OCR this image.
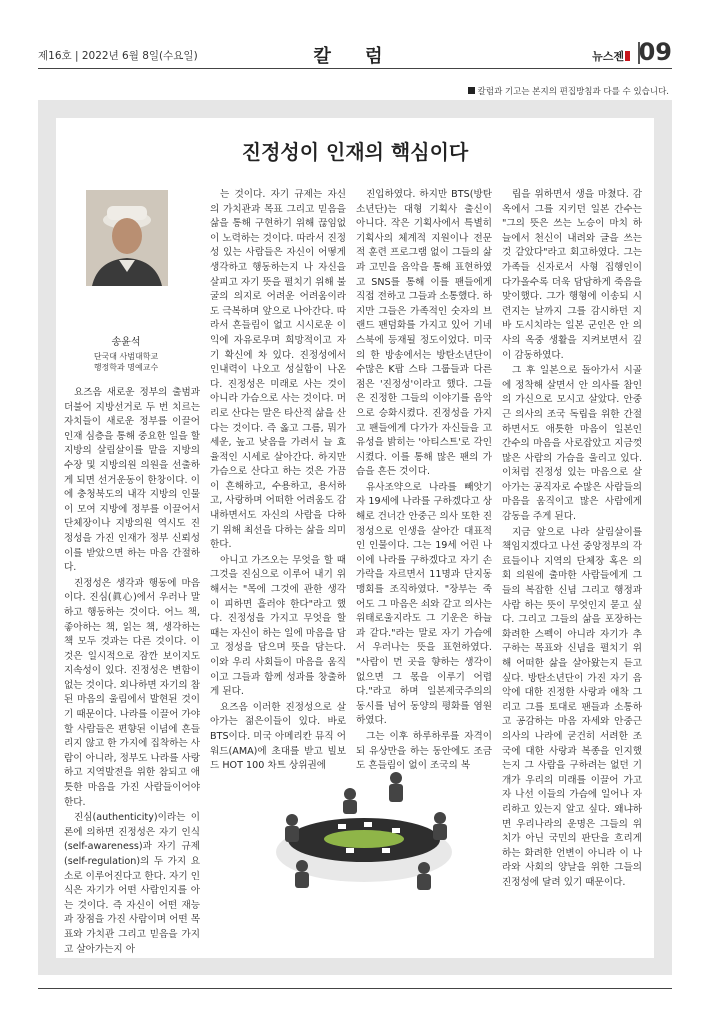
제16호 | 2022년 6월 8일(수요일)	칼 럼	뉴스젠 09
칼럼과 기고는 본지의 편집방침과 다를 수 있습니다.
진정성이 인재의 핵심이다
송윤석
단국대 사범대학교
행정학과 명예교수

요즈음 새로운 정부의 출범과 더불어 지방선거로 두 번 치르는 자치들이 새로운 정부를 이끌어 인재 심층을 통해 중요한 일을 할 지방의 살림살이를 맡을 지방의 수장 및 지방의원 의원을 선출하게 되면 선거운동이 한창이다. 이에 충청북도의 내각 지방의 인물이 모여 지방에 정부를 이끌어서 단체장이나 지방의원 역시도 진정성을 가진 인재가 정부 신뢰성이를 받았으면 하는 마음 간절하다.

진정성은 생각과 행동에 마음이다. 진심(眞心)에서 우러나 말하고 행동하는 것이다. 어느 책, 좋아하는 책, 읽는 책, 생각하는 책 모두 것과는 다른 것이다. 이것은 일시적으로 잠깐 보이지도 지속성이 있다. 진정성은 변함이 없는 것이다. 외나하면 자기의 참된 마음의 울림에서 발현된 것이기 때문이다. 나라를 이끌어 가야 할 사람들은 편향된 이념에 흔들리지 않고 한 가지에 집착하는 사람이 아니라, 정부도 나라를 사랑하고 지역발전을 위한 참되고 애틋한 마음을 가진 사람들이어야 한다.

진심(authenticity)이라는 이론에 의하면 진정성은 자기 인식(self-awareness)과 자기 규제(self-regulation)의 두 가지 요소로 이루어진다고 한다. 자기 인식은 자기가 어떤 사람인지를 아는 것이다. 즉 자신이 어떤 재능과 장점을 가진 사람이며 어떤 목표와 가치관 그리고 믿음을 가지고 살아가는지 아

는 것이다. 자기 규제는 자신의 가치관과 목표 그리고 믿음을 삶을 통해 구현하기 위해 끊임없이 노력하는 것이다. 따라서 진정성 있는 사람들은 자신이 어떻게 생각하고 행동하는지 나 자신을 살피고 자기 뜻을 펼치기 위해 불굴의 의지로 어려운 어려움이라도 극복하며 앞으로 나아간다. 따라서 흔들림이 없고 시시로운 이익에 자유로우며 희망적이고 자기 확신에 차 있다. 진정성에서 인내력이 나오고 성실함이 나온다. 진정성은 미래로 사는 것이 아니라 가슴으로 사는 것이다. 머리로 산다는 말은 타산적 삶을 산다는 것이다. 즉 옳고 그름, 뭐가 세운, 높고 낮음을 가려서 늘 효율적인 시세로 살아간다. 하지만 가슴으로 산다고 하는 것은 가끔이 흔해하고, 수용하고, 용서하고, 사랑하며 어떠한 어려움도 감내하면서도 자신의 사람을 다하기 위해 최선을 다하는 삶을 의미한다.

아니고 가즈오는 무엇을 할 때 그것을 진심으로 이루어 내기 위해서는 "목에 그것에 관한 생각이 피하면 흘러야 한다"라고 했다. 진정성을 가지고 무엇을 할 때는 자신이 하는 일에 마음을 담고 정성을 담으며 뜻을 담는다. 이와 우리 사회들이 마음을 움직이고 그들과 함께 성과를 창출하게 된다.

요즈음 이러한 진정성으로 살아가는 젊은이들이 있다. 바로 BTS이다. 미국 아메리칸 뮤직 어워드(AMA)에 초대를 받고 빌보드 HOT 100 차트 상위권에

진입하였다. 하지만 BTS(방탄소년단)는 대형 기획사 출신이 아니다. 작은 기획사에서 특별히 기획사의 체계적 지원이나 전문적 훈련 프로그램 없이 그들의 삶과 고민을 음악을 통해 표현하였고 SNS를 통해 이를 팬들에게 직접 전하고 그들과 소통했다. 하지만 그들은 가족적인 숫자의 브랜드 팬덤화를 가지고 있어 기네스북에 등재될 정도이었다. 미국의 한 방송에서는 방탄소년단이 수많은 K팝 스타 그룹들과 다른 점은 '진정성'이라고 했다. 그들은 진정한 그들의 이야기를 음악으로 승화시켰다. 진정성을 가지고 팬들에게 다가가 자신들을 고유성을 밝히는 '아티스트'로 각인시켰다. 이를 통해 많은 팬의 가슴을 흔든 것이다.

유사조약으로 나라를 빼앗기자 19세에 나라를 구하겠다고 상해로 건너간 안중근 의사 또한 진정성으로 인생을 살아간 대표적인 인물이다. 그는 19세 어린 나이에 나라를 구하겠다고 자기 손가락을 자르면서 11명과 단지동맹회를 조직하였다. "장부는 죽어도 그 마음은 쇠와 같고 의사는 위태로울지라도 그 기운은 하늘과 같다."라는 말로 자기 가슴에서 우러나는 뜻을 표현하였다. "사람이 먼 곳을 향하는 생각이 없으면 그 몫을 이루기 어렵다."라고 하며 일본제국주의의 동시를 넘어 동양의 평화를 염원하였다.

그는 이후 하루하루를 자격이 되 유상만을 하는 동안에도 조금도 흔들림이 없이 조국의 복

립을 위하면서 생을 마쳤다. 감옥에서 그를 지키던 일본 간수는 "그의 뜻은 쓰는 노승이 마치 하늘에서 천신이 내려와 글을 쓰는 것 같았다"라고 회고하였다. 그는 가족들 신자로서 사형 집행인이 다가올수록 더욱 담담하게 죽음을 맞이했다. 그가 행형에 이송되 시련지는 날까지 그를 감시하던 지바 도시치라는 일본 군인은 안 의사의 옥중 생활을 지켜보면서 깊이 감동하였다.

그 후 일본으로 돌아가서 시골에 정착해 살면서 안 의사를 참인의 가신으로 모시고 살았다. 안중근 의사의 조국 독립을 위한 간절하면서도 애틋한 마음이 일본인 간수의 마음을 사로잡았고 지금껏 많은 사람의 가슴을 울리고 있다. 이처럼 진정성 있는 마음으로 살아가는 공직자로 수많은 사람들의 마음을 움직이고 많은 사람에게 감동을 주게 된다.

지금 앞으로 나라 살림살이를 책임지겠다고 나선 중앙정부의 각료들이나 지역의 단체장 혹은 의회 의원에 출마한 사람들에게 그들의 복잡한 신념 그리고 행정과 사람 하는 뜻이 무엇인지 묻고 싶다. 그리고 그들의 삶을 포장하는 화려한 스펙이 아니라 자기가 추구하는 목표와 신념을 펼치기 위해 어떠한 삶을 살아왔는지 듣고 싶다. 방탄소년단이 가진 자기 음악에 대한 진정한 사랑과 애착 그리고 그를 토대로 팬들과 소통하고 공감하는 마음 자세와 안중근 의사의 나라에 굳건히 서려한 조국에 대한 사랑과 복종을 인지했는지 그 사람을 구하려는 없던 기개가 우리의 미래를 이끌어 가고자 나선 이들의 가슴에 일어나 자리하고 있는지 알고 싶다. 왜냐하면 우리나라의 운명은 그들의 위치가 아닌 국민의 판단을 흐리게 하는 화려한 언변이 아니라 이 나라와 사회의 양날을 위한 그들의 진정성에 달려 있기 때문이다.
